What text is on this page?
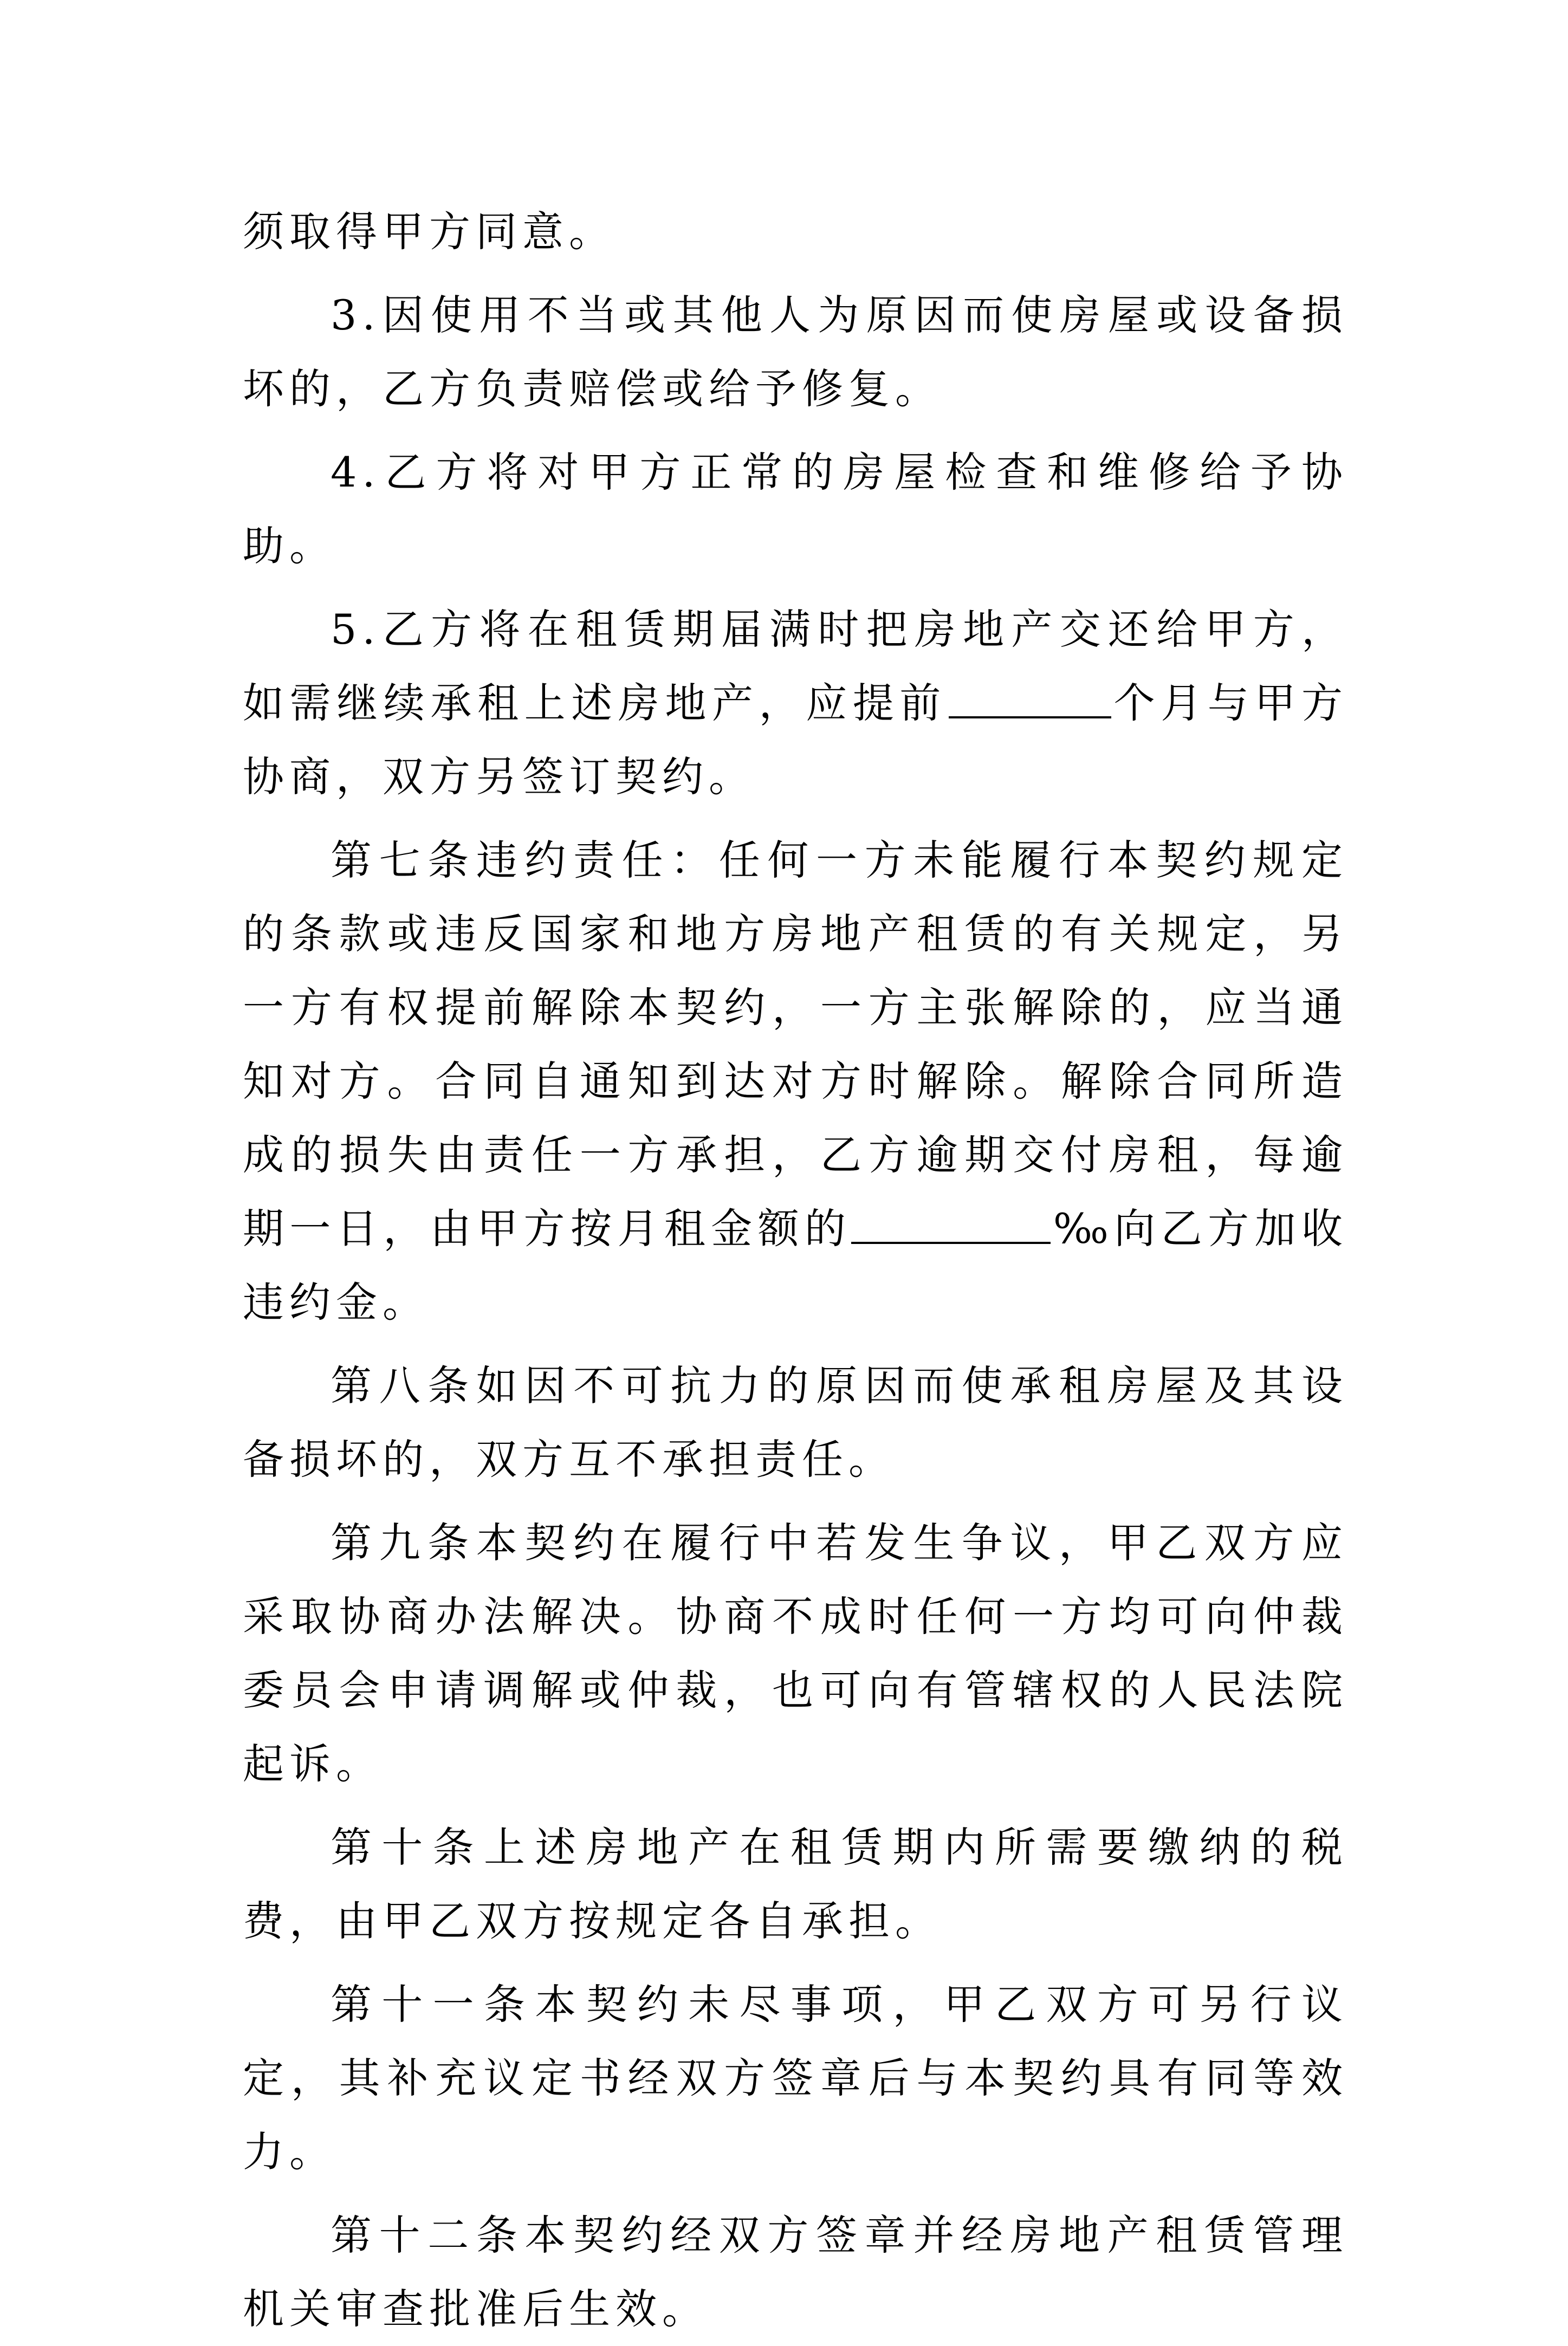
须取得甲方同意。

3.因使用不当或其他人为原因而使房屋或设备损坏的，乙方负责赔偿或给予修复。

4.乙方将对甲方正常的房屋检查和维修给予协助。

5.乙方将在租赁期届满时把房地产交还给甲方，如需继续承租上述房地产，应提前	个月与甲方协商，双方另签订契约。

第七条违约责任：任何一方未能履行本契约规定的条款或违反国家和地方房地产租赁的有关规定，另一方有权提前解除本契约，一方主张解除的，应当通知对方。合同自通知到达对方时解除。解除合同所造成的损失由责任一方承担，乙方逾期交付房租，每逾期一日，由甲方按月租金额的	‰向乙方加收违约金。

第八条如因不可抗力的原因而使承租房屋及其设备损坏的，双方互不承担责任。

第九条本契约在履行中若发生争议，甲乙双方应采取协商办法解决。协商不成时任何一方均可向仲裁委员会申请调解或仲裁，也可向有管辖权的人民法院起诉。

第十条上述房地产在租赁期内所需要缴纳的税费，由甲乙双方按规定各自承担。

第十一条本契约未尽事项，甲乙双方可另行议定，其补充议定书经双方签章后与本契约具有同等效力。

第十二条本契约经双方签章并经房地产租赁管理机关审查批准后生效。
